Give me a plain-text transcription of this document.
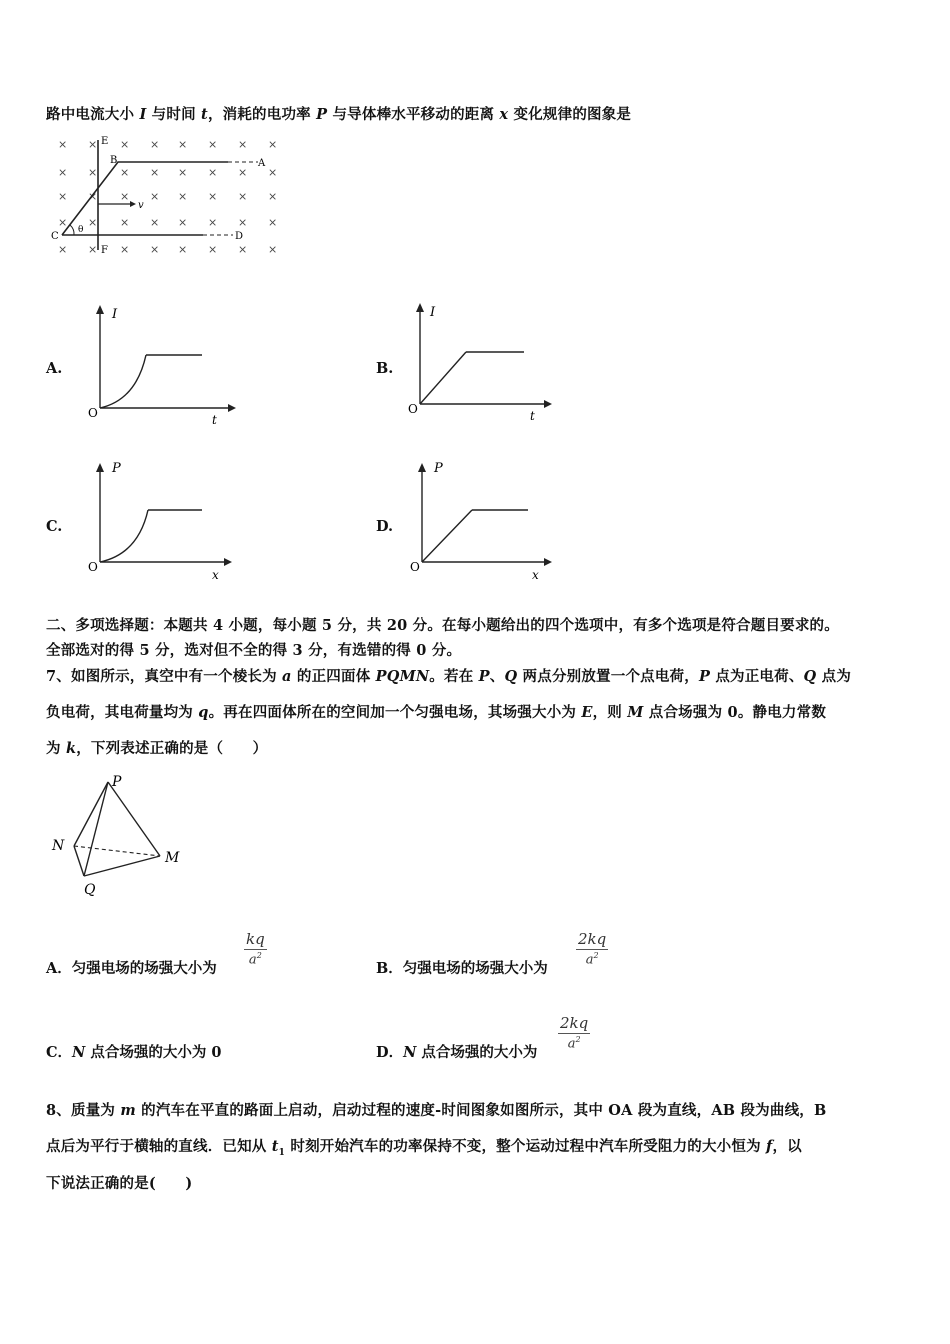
路中电流大小 I 与时间 t，消耗的电功率 P 与导体棒水平移动的距离 x 变化规律的图象是
× × × × × × × ×
× × × × × × × ×
× × × × × × × ×
× × × × × × × ×
× × × × × × × ×
v
θ
E
B	A
C	D
F
A.
I
O	t
B.
I
O	t
C.
P
O
x
D.
P
O
x
二、多项选择题：本题共 4 小题，每小题 5 分，共 20 分。在每小题给出的四个选项中，有多个选项是符合题目要求的。
全部选对的得 5 分，选对但不全的得 3 分，有选错的得 0 分。
7、如图所示，真空中有一个棱长为 a 的正四面体 PQMN。若在 P、Q 两点分别放置一个点电荷，P 点为正电荷、Q 点为
负电荷，其电荷量均为 q。再在四面体所在的空间加一个匀强电场，其场强大小为 E，则 M 点合场强为 0。静电力常数
为 k，下列表述正确的是（　　）
P
N
M
Q
A．匀强电场的场强大小为
$\frac{kq}{a^2}$
B．匀强电场的场强大小为
$\frac{2kq}{a^2}$
C．N 点合场强的大小为 0	D．N 点合场强的大小为
$\frac{2kq}{a^2}$
8、质量为 m 的汽车在平直的路面上启动，启动过程的速度-时间图象如图所示，其中 OA 段为直线，AB 段为曲线，B
点后为平行于横轴的直线．已知从 $t_1$ 时刻开始汽车的功率保持不变，整个运动过程中汽车所受阻力的大小恒为 f，以
下说法正确的是(　　)
